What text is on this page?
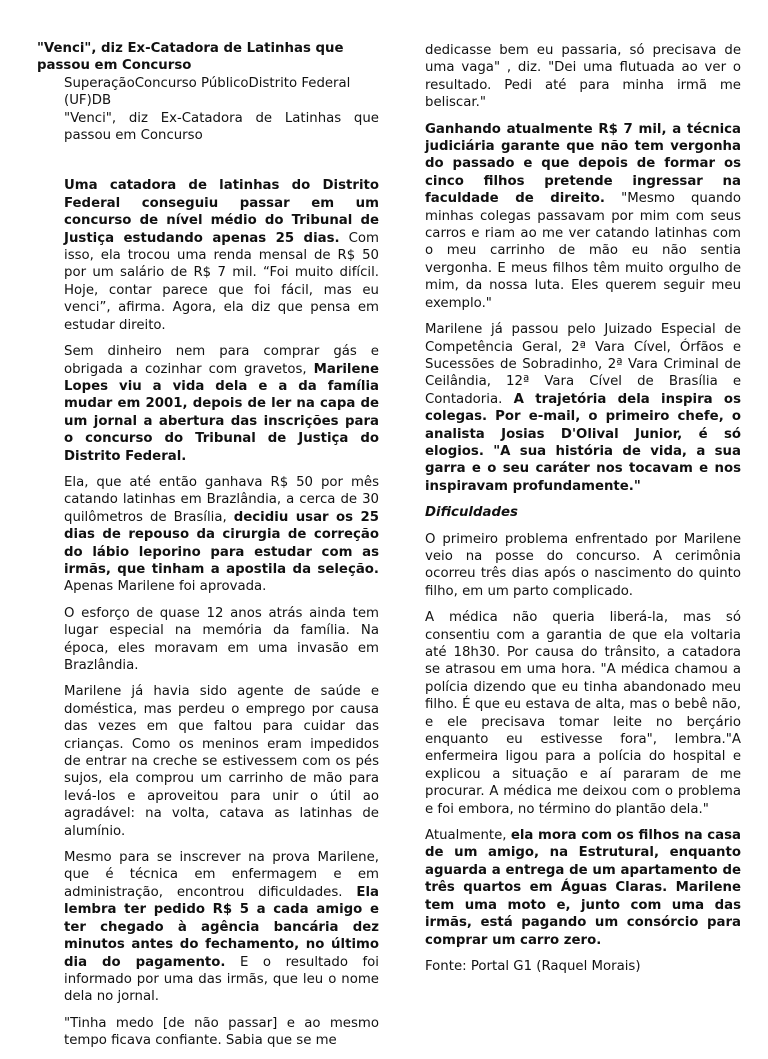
"Venci", diz Ex-Catadora de Latinhas que passou em Concurso

SuperaçãoConcurso PúblicoDistrito Federal (UF)DB

"Venci", diz Ex-Catadora de Latinhas que passou em Concurso

Uma catadora de latinhas do Distrito Federal conseguiu passar em um concurso de nível médio do Tribunal de Justiça estudando apenas 25 dias. Com isso, ela trocou uma renda mensal de R$ 50 por um salário de R$ 7 mil. “Foi muito difícil. Hoje, contar parece que foi fácil, mas eu venci”, afirma. Agora, ela diz que pensa em estudar direito.

Sem dinheiro nem para comprar gás e obrigada a cozinhar com gravetos, Marilene Lopes viu a vida dela e a da família mudar em 2001, depois de ler na capa de um jornal a abertura das inscrições para o concurso do Tribunal de Justiça do Distrito Federal.

Ela, que até então ganhava R$ 50 por mês catando latinhas em Brazlândia, a cerca de 30 quilômetros de Brasília, decidiu usar os 25 dias de repouso da cirurgia de correção do lábio leporino para estudar com as irmãs, que tinham a apostila da seleção. Apenas Marilene foi aprovada.

O esforço de quase 12 anos atrás ainda tem lugar especial na memória da família. Na época, eles moravam em uma invasão em Brazlândia.

Marilene já havia sido agente de saúde e doméstica, mas perdeu o emprego por causa das vezes em que faltou para cuidar das crianças. Como os meninos eram impedidos de entrar na creche se estivessem com os pés sujos, ela comprou um carrinho de mão para levá-los e aproveitou para unir o útil ao agradável: na volta, catava as latinhas de alumínio.

Mesmo para se inscrever na prova Marilene, que é técnica em enfermagem e em administração, encontrou dificuldades. Ela lembra ter pedido R$ 5 a cada amigo e ter chegado à agência bancária dez minutos antes do fechamento, no último dia do pagamento. E o resultado foi informado por uma das irmãs, que leu o nome dela no jornal.

"Tinha medo [de não passar] e ao mesmo tempo ficava confiante. Sabia que se me

dedicasse bem eu passaria, só precisava de uma vaga" , diz. "Dei uma flutuada ao ver o resultado. Pedi até para minha irmã me beliscar."

Ganhando atualmente R$ 7 mil, a técnica judiciária garante que não tem vergonha do passado e que depois de formar os cinco filhos pretende ingressar na faculdade de direito. "Mesmo quando minhas colegas passavam por mim com seus carros e riam ao me ver catando latinhas com o meu carrinho de mão eu não sentia vergonha. E meus filhos têm muito orgulho de mim, da nossa luta. Eles querem seguir meu exemplo."

Marilene já passou pelo Juizado Especial de Competência Geral, 2ª Vara Cível, Órfãos e Sucessões de Sobradinho, 2ª Vara Criminal de Ceilândia, 12ª Vara Cível de Brasília e Contadoria. A trajetória dela inspira os colegas. Por e-mail, o primeiro chefe, o analista Josias D'Olival Junior, é só elogios. "A sua história de vida, a sua garra e o seu caráter nos tocavam e nos inspiravam profundamente."

Dificuldades

O primeiro problema enfrentado por Marilene veio na posse do concurso. A cerimônia ocorreu três dias após o nascimento do quinto filho, em um parto complicado.

A médica não queria liberá-la, mas só consentiu com a garantia de que ela voltaria até 18h30. Por causa do trânsito, a catadora se atrasou em uma hora. "A médica chamou a polícia dizendo que eu tinha abandonado meu filho. É que eu estava de alta, mas o bebê não, e ele precisava tomar leite no berçário enquanto eu estivesse fora", lembra."A enfermeira ligou para a polícia do hospital e explicou a situação e aí pararam de me procurar. A médica me deixou com o problema e foi embora, no término do plantão dela."

Atualmente, ela mora com os filhos na casa de um amigo, na Estrutural, enquanto aguarda a entrega de um apartamento de três quartos em Águas Claras. Marilene tem uma moto e, junto com uma das irmãs, está pagando um consórcio para comprar um carro zero.

Fonte: Portal G1 (Raquel Morais)
